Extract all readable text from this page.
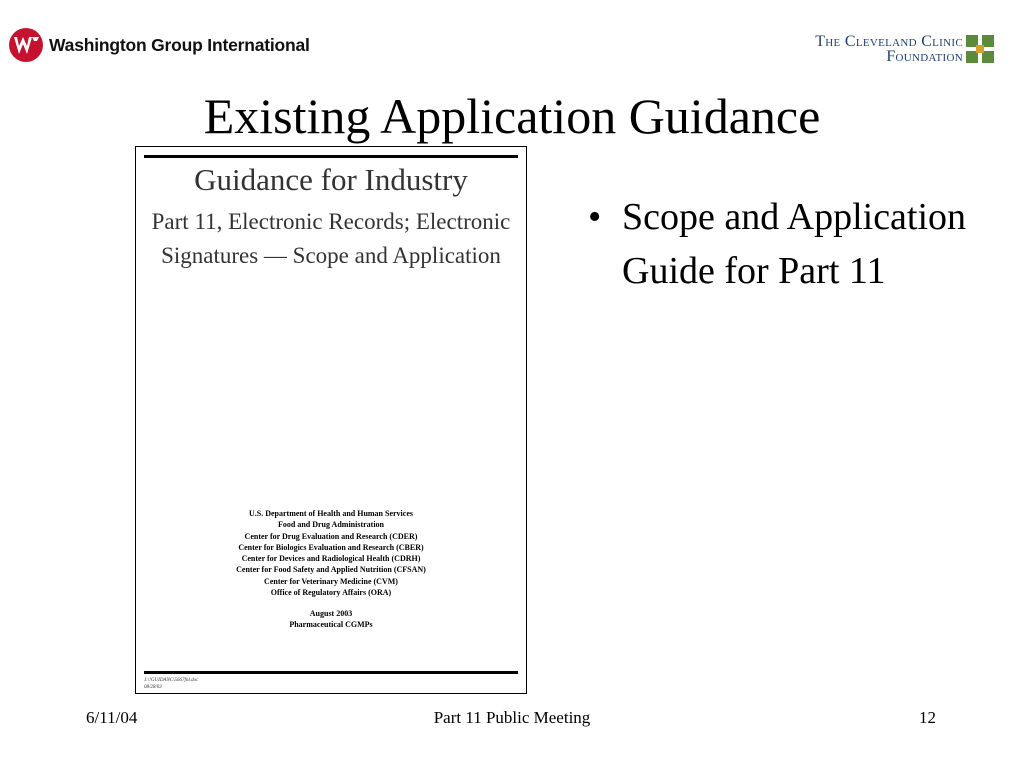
Washington Group International	The Cleveland Clinic
Foundation
Existing Application Guidance
Guidance for Industry
Part 11, Electronic Records; Electronic Signatures — Scope and Application
U.S. Department of Health and Human Services
Food and Drug Administration
Center for Drug Evaluation and Research (CDER)
Center for Biologics Evaluation and Research (CBER)
Center for Devices and Radiological Health (CDRH)
Center for Food Safety and Applied Nutrition (CFSAN)
Center for Veterinary Medicine (CVM)
Office of Regulatory Affairs (ORA)
August 2003
Pharmaceutical CGMPs
J:\!GUIDANC\5667fnl.doc
08/28/03
• Scope and Application Guide for Part 11
6/11/04	Part 11 Public Meeting	12
